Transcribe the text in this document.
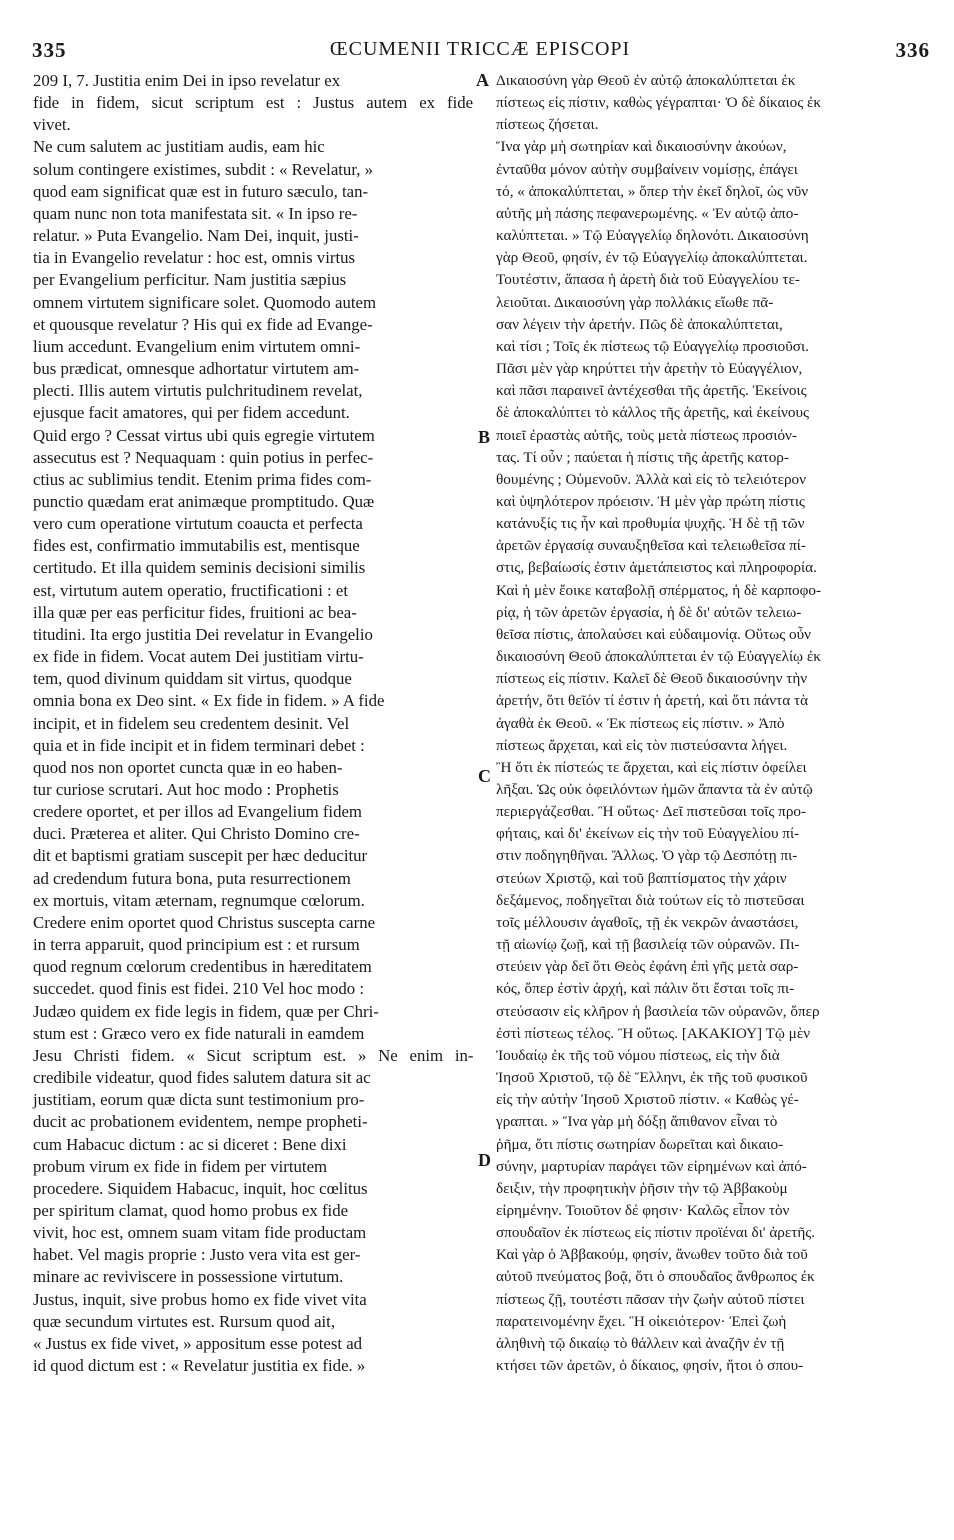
335	ŒCUMENII TRICCÆ EPISCOPI	336
209 I, 7. Justitia enim Dei in ipso revelatur ex
fide in fidem, sicut scriptum est : Justus autem ex fide
vivet.
Ne cum salutem ac justitiam audis, eam hic
solum contingere existimes, subdit : « Revelatur, »
quod eam significat quæ est in futuro sæculo, tan-
quam nunc non tota manifestata sit. « In ipso re-
relatur. » Puta Evangelio. Nam Dei, inquit, justi-
tia in Evangelio revelatur : hoc est, omnis virtus
per Evangelium perficitur. Nam justitia sæpius
omnem virtutem significare solet. Quomodo autem
et quousque revelatur ? His qui ex fide ad Evange-
lium accedunt. Evangelium enim virtutem omni-
bus prædicat, omnesque adhortatur virtutem am-
plecti. Illis autem virtutis pulchritudinem revelat,
ejusque facit amatores, qui per fidem accedunt.
Quid ergo ? Cessat virtus ubi quis egregie virtutem
assecutus est ? Nequaquam : quin potius in perfec-
ctius ac sublimius tendit. Etenim prima fides com-
punctio quædam erat animæque promptitudo. Quæ
vero cum operatione virtutum coaucta et perfecta
fides est, confirmatio immutabilis est, mentisque
certitudo. Et illa quidem seminis decisioni similis
est, virtutum autem operatio, fructificationi : et
illa quæ per eas perficitur fides, fruitioni ac bea-
titudini. Ita ergo justitia Dei revelatur in Evangelio
ex fide in fidem. Vocat autem Dei justitiam virtu-
tem, quod divinum quiddam sit virtus, quodque
omnia bona ex Deo sint. « Ex fide in fidem. » A fide
incipit, et in fidelem seu credentem desinit. Vel
quia et in fide incipit et in fidem terminari debet :
quod nos non oportet cuncta quæ in eo haben-
tur curiose scrutari. Aut hoc modo : Prophetis
credere oportet, et per illos ad Evangelium fidem
duci. Præterea et aliter. Qui Christo Domino cre-
dit et baptismi gratiam suscepit per hæc deducitur
ad credendum futura bona, puta resurrectionem
ex mortuis, vitam æternam, regnumque cœlorum.
Credere enim oportet quod Christus suscepta carne
in terra apparuit, quod principium est : et rursum
quod regnum cœlorum credentibus in hæreditatem
succedet. quod finis est fidei. 210 Vel hoc modo :
Judæo quidem ex fide legis in fidem, quæ per Chri-
stum est : Græco vero ex fide naturali in eamdem
Jesu Christi fidem. « Sicut scriptum est. » Ne enim in-
credibile videatur, quod fides salutem datura sit ac
justitiam, eorum quæ dicta sunt testimonium pro-
ducit ac probationem evidentem, nempe propheti-
cum Habacuc dictum : ac si diceret : Bene dixi
probum virum ex fide in fidem per virtutem
procedere. Siquidem Habacuc, inquit, hoc cœlitus
per spiritum clamat, quod homo probus ex fide
vivit, hoc est, omnem suam vitam fide productam
habet. Vel magis proprie : Justo vera vita est ger-
minare ac reviviscere in possessione virtutum.
Justus, inquit, sive probus homo ex fide vivet vita
quæ secundum virtutes est. Rursum quod ait,
« Justus ex fide vivet, » appositum esse potest ad
id quod dictum est : « Revelatur justitia ex fide. »
Δικαιοσύνη γὰρ Θεοῦ ἐν αὐτῷ ἀποκαλύπτεται ἐκ
πίστεως εἰς πίστιν, καθὼς γέγραπται· Ὁ δὲ δίκαιος ἐκ
πίστεως ζήσεται.
Ἵνα γὰρ μὴ σωτηρίαν καὶ δικαιοσύνην ἀκούων,
ἐνταῦθα μόνον αὐτὴν συμβαίνειν νομίσῃς, ἐπάγει
τό, « ἀποκαλύπτεται, » ὅπερ τὴν ἐκεῖ δηλοῖ, ὡς νῦν
αὐτῆς μὴ πάσης πεφανερωμένης. « Ἐν αὐτῷ ἀπο-
καλύπτεται. » Τῷ Εὐαγγελίῳ δηλονότι. Δικαιοσύνη
γὰρ Θεοῦ, φησίν, ἐν τῷ Εὐαγγελίῳ ἀποκαλύπτεται.
Τουτέστιν, ἅπασα ἡ ἀρετὴ διὰ τοῦ Εὐαγγελίου τε-
λειοῦται. Δικαιοσύνη γὰρ πολλάκις εἴωθε πᾶ-
σαν λέγειν τὴν ἀρετήν. Πῶς δὲ ἀποκαλύπτεται,
καὶ τίσι ; Τοῖς ἐκ πίστεως τῷ Εὐαγγελίῳ προσιοῦσι.
Πᾶσι μὲν γὰρ κηρύττει τὴν ἀρετὴν τὸ Εὐαγγέλιον,
καὶ πᾶσι παραινεῖ ἀντέχεσθαι τῆς ἀρετῆς. Ἐκείνοις
δὲ ἀποκαλύπτει τὸ κάλλος τῆς ἀρετῆς, καὶ ἐκείνους
ποιεῖ ἐραστὰς αὐτῆς, τοὺς μετὰ πίστεως προσιόν-
τας. Τί οὖν ; παύεται ἡ πίστις τῆς ἀρετῆς κατορ-
θουμένης ; Οὐμενοῦν. Ἀλλὰ καὶ εἰς τὸ τελειότερον
καὶ ὑψηλότερον πρόεισιν. Ἡ μὲν γὰρ πρώτη πίστις
κατάνυξίς τις ἦν καὶ προθυμία ψυχῆς. Ἡ δὲ τῇ τῶν
ἀρετῶν ἐργασίᾳ συναυξηθεῖσα καὶ τελειωθεῖσα πί-
στις, βεβαίωσίς ἐστιν ἀμετάπειστος καὶ πληροφορία.
Καὶ ἡ μὲν ἔοικε καταβολῇ σπέρματος, ἡ δὲ καρποφο-
ρίᾳ, ἡ τῶν ἀρετῶν ἐργασία, ἡ δὲ δι' αὐτῶν τελειω-
θεῖσα πίστις, ἀπολαύσει καὶ εὐδαιμονίᾳ. Οὕτως οὖν
δικαιοσύνη Θεοῦ ἀποκαλύπτεται ἐν τῷ Εὐαγγελίῳ ἐκ
πίστεως εἰς πίστιν. Καλεῖ δὲ Θεοῦ δικαιοσύνην τὴν
ἀρετήν, ὅτι θεῖόν τί ἐστιν ἡ ἀρετή, καὶ ὅτι πάντα τὰ
ἀγαθὰ ἐκ Θεοῦ. « Ἐκ πίστεως εἰς πίστιν. » Ἀπὸ
πίστεως ἄρχεται, καὶ εἰς τὸν πιστεύσαντα λήγει.
Ἢ ὅτι ἐκ πίστεώς τε ἄρχεται, καὶ εἰς πίστιν ὀφείλει
λῆξαι. Ὡς οὐκ ὀφειλόντων ἡμῶν ἅπαντα τὰ ἐν αὐτῷ
περιεργάζεσθαι. Ἢ οὕτως· Δεῖ πιστεῦσαι τοῖς προ-
φήταις, καὶ δι' ἐκείνων εἰς τὴν τοῦ Εὐαγγελίου πί-
στιν ποδηγηθῆναι. Ἄλλως. Ὁ γὰρ τῷ Δεσπότῃ πι-
στεύων Χριστῷ, καὶ τοῦ βαπτίσματος τὴν χάριν
δεξάμενος, ποδηγεῖται διὰ τούτων εἰς τὸ πιστεῦσαι
τοῖς μέλλουσιν ἀγαθοῖς, τῇ ἐκ νεκρῶν ἀναστάσει,
τῇ αἰωνίῳ ζωῇ, καὶ τῇ βασιλείᾳ τῶν οὐρανῶν. Πι-
στεύειν γὰρ δεῖ ὅτι Θεὸς ἐφάνη ἐπὶ γῆς μετὰ σαρ-
κός, ὅπερ ἐστὶν ἀρχή, καὶ πάλιν ὅτι ἔσται τοῖς πι-
στεύσασιν εἰς κλῆρον ἡ βασιλεία τῶν οὐρανῶν, ὅπερ
ἐστὶ πίστεως τέλος. Ἢ οὕτως. [ΑΚΑΚΙΟΥ] Τῷ μὲν
Ἰουδαίῳ ἐκ τῆς τοῦ νόμου πίστεως, εἰς τὴν διὰ
Ἰησοῦ Χριστοῦ, τῷ δὲ Ἕλληνι, ἐκ τῆς τοῦ φυσικοῦ
εἰς τὴν αὐτὴν Ἰησοῦ Χριστοῦ πίστιν. « Καθὼς γέ-
γραπται. » Ἵνα γὰρ μὴ δόξῃ ἄπιθανον εἶναι τὸ
ῥῆμα, ὅτι πίστις σωτηρίαν δωρεῖται καὶ δικαιο-
σύνην, μαρτυρίαν παράγει τῶν εἰρημένων καὶ ἀπό-
δειξιν, τὴν προφητικὴν ῥῆσιν τὴν τῷ Ἀββακοὺμ
εἰρημένην. Τοιοῦτον δέ φησιν· Καλῶς εἶπον τὸν
σπουδαῖον ἐκ πίστεως εἰς πίστιν προϊέναι δι' ἀρετῆς.
Καὶ γὰρ ὁ Ἀββακούμ, φησίν, ἄνωθεν τοῦτο διὰ τοῦ
αὐτοῦ πνεύματος βοᾷ, ὅτι ὁ σπουδαῖος ἄνθρωπος ἐκ
πίστεως ζῇ, τουτέστι πᾶσαν τὴν ζωὴν αὐτοῦ πίστει
παρατεινομένην ἔχει. Ἢ οἰκειότερον· Ἐπεὶ ζωὴ
ἀληθινὴ τῷ δικαίῳ τὸ θάλλειν καὶ ἀναζῆν ἐν τῇ
κτήσει τῶν ἀρετῶν, ὁ δίκαιος, φησίν, ἤτοι ὁ σπου-
A
B
C
D
